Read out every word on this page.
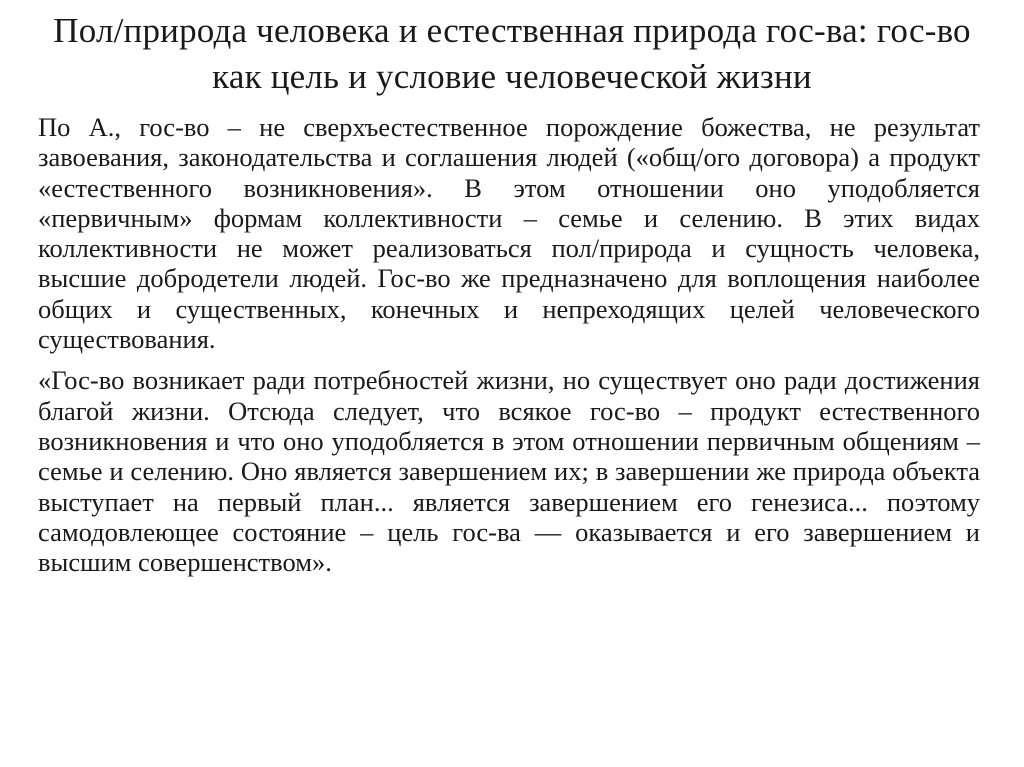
Пол/природа человека и естественная природа гос-ва: гос-во как цель и условие человеческой жизни

По А., гос-во – не сверхъестественное порождение божества, не результат завоевания, законодательства и соглашения людей («общ/ого договора) а продукт «естественного возникновения». В этом отношении оно уподобляется «первичным» формам коллективности – семье и селению. В этих видах коллективности не может реализоваться пол/природа и сущность человека, высшие добродетели людей. Гос-во же предназначено для воплощения наиболее общих и существенных, конечных и непреходящих целей человеческого существования.

«Гос-во возникает ради потребностей жизни, но существует оно ради достижения благой жизни. Отсюда следует, что всякое гос-во – продукт естественного возникновения и что оно уподобляется в этом отношении первичным общениям – семье и селению. Оно является завершением их; в завершении же природа объекта выступает на первый план... является завершением его генезиса... поэтому самодовлеющее состояние – цель гос-ва — оказывается и его завершением и высшим совершенством».
